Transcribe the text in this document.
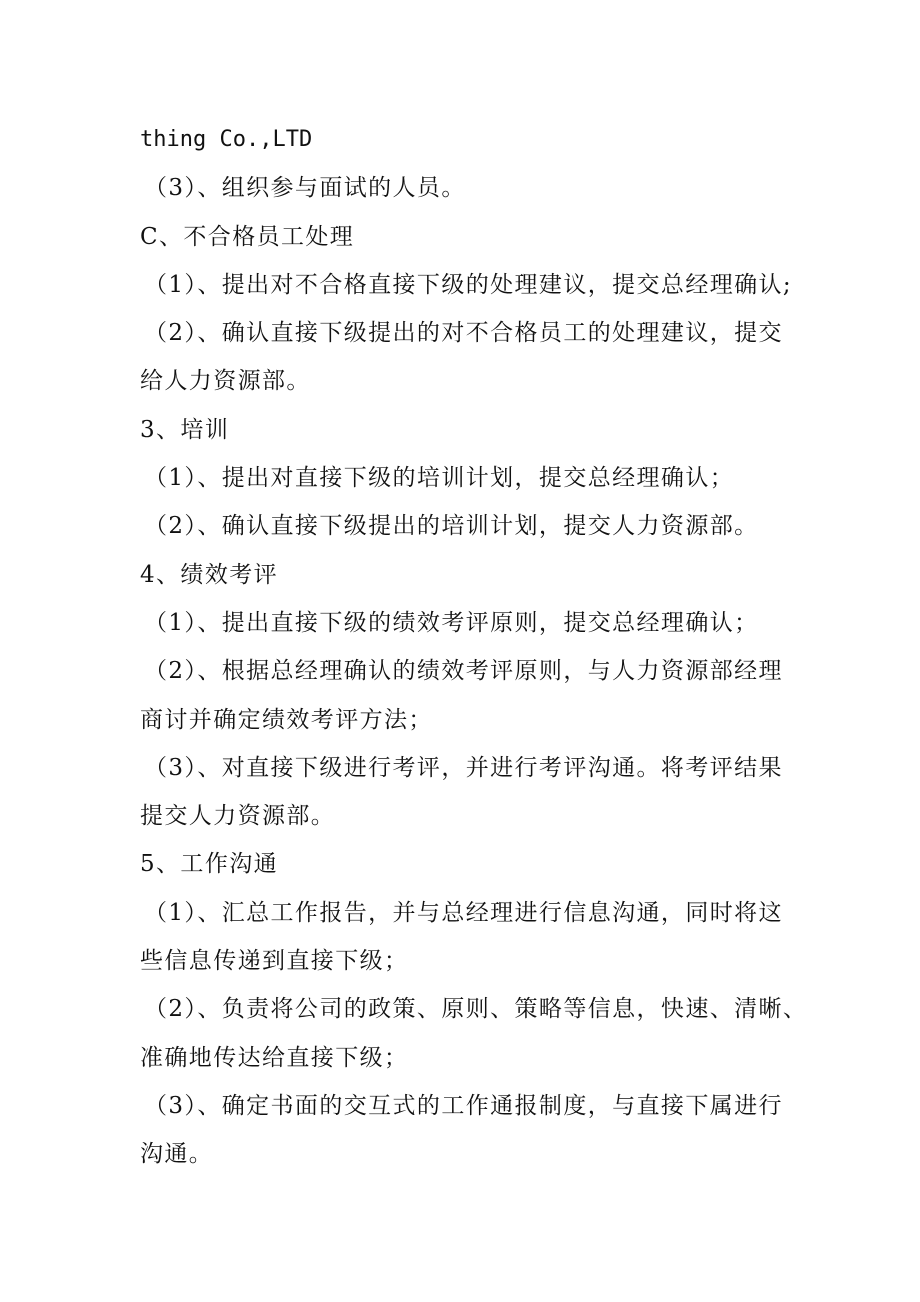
thing Co.,LTD
（3）、组织参与面试的人员。
C、不合格员工处理
（1）、提出对不合格直接下级的处理建议，提交总经理确认;
（2）、确认直接下级提出的对不合格员工的处理建议，提交
给人力资源部。
3、培训
（1）、提出对直接下级的培训计划，提交总经理确认；
（2）、确认直接下级提出的培训计划，提交人力资源部。
4、绩效考评
（1）、提出直接下级的绩效考评原则，提交总经理确认；
（2）、根据总经理确认的绩效考评原则，与人力资源部经理
商讨并确定绩效考评方法；
（3）、对直接下级进行考评，并进行考评沟通。将考评结果
提交人力资源部。
5、工作沟通
（1）、汇总工作报告，并与总经理进行信息沟通，同时将这
些信息传递到直接下级；
（2）、负责将公司的政策、原则、策略等信息，快速、清晰、
准确地传达给直接下级；
（3）、确定书面的交互式的工作通报制度，与直接下属进行
沟通。
